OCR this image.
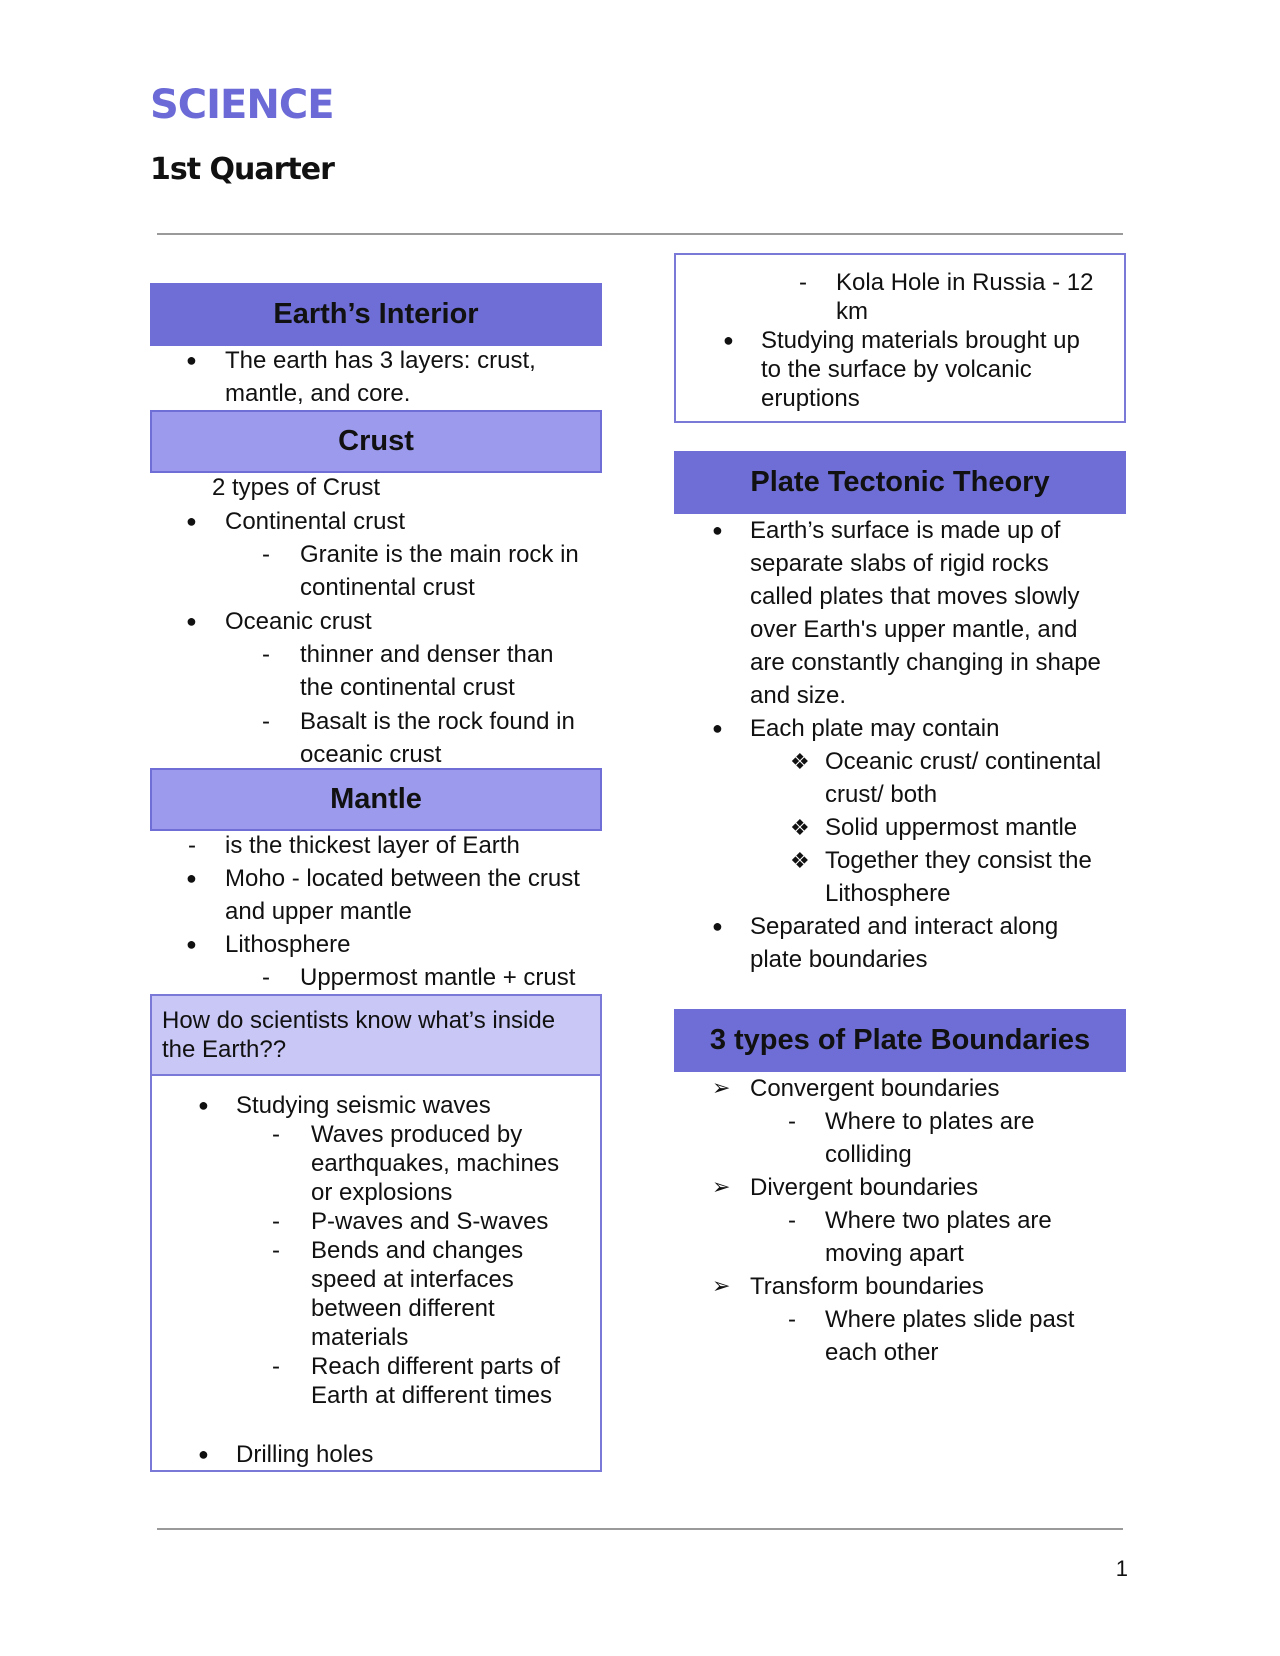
SCIENCE
1st Quarter
Earth’s Interior
● The earth has 3 layers: crust,
mantle, and core.
Crust
2 types of Crust
● Continental crust
- Granite is the main rock in
continental crust
● Oceanic crust
- thinner and denser than
the continental crust
- Basalt is the rock found in
oceanic crust
Mantle
- is the thickest layer of Earth
● Moho - located between the crust
and upper mantle
● Lithosphere
- Uppermost mantle + crust
How do scientists know what’s inside
the Earth??
● Studying seismic waves
- Waves produced by
earthquakes, machines
or explosions
- P-waves and S-waves
- Bends and changes
speed at interfaces
between different
materials
- Reach different parts of
Earth at different times
● Drilling holes
- Kola Hole in Russia - 12
km
● Studying materials brought up
to the surface by volcanic
eruptions
Plate Tectonic Theory
● Earth’s surface is made up of
separate slabs of rigid rocks
called plates that moves slowly
over Earth's upper mantle, and
are constantly changing in shape
and size.
● Each plate may contain
❖ Oceanic crust/ continental
crust/ both
❖ Solid uppermost mantle
❖ Together they consist the
Lithosphere
● Separated and interact along
plate boundaries
3 types of Plate Boundaries
➢ Convergent boundaries
- Where to plates are
colliding
➢ Divergent boundaries
- Where two plates are
moving apart
➢ Transform boundaries
- Where plates slide past
each other
1
